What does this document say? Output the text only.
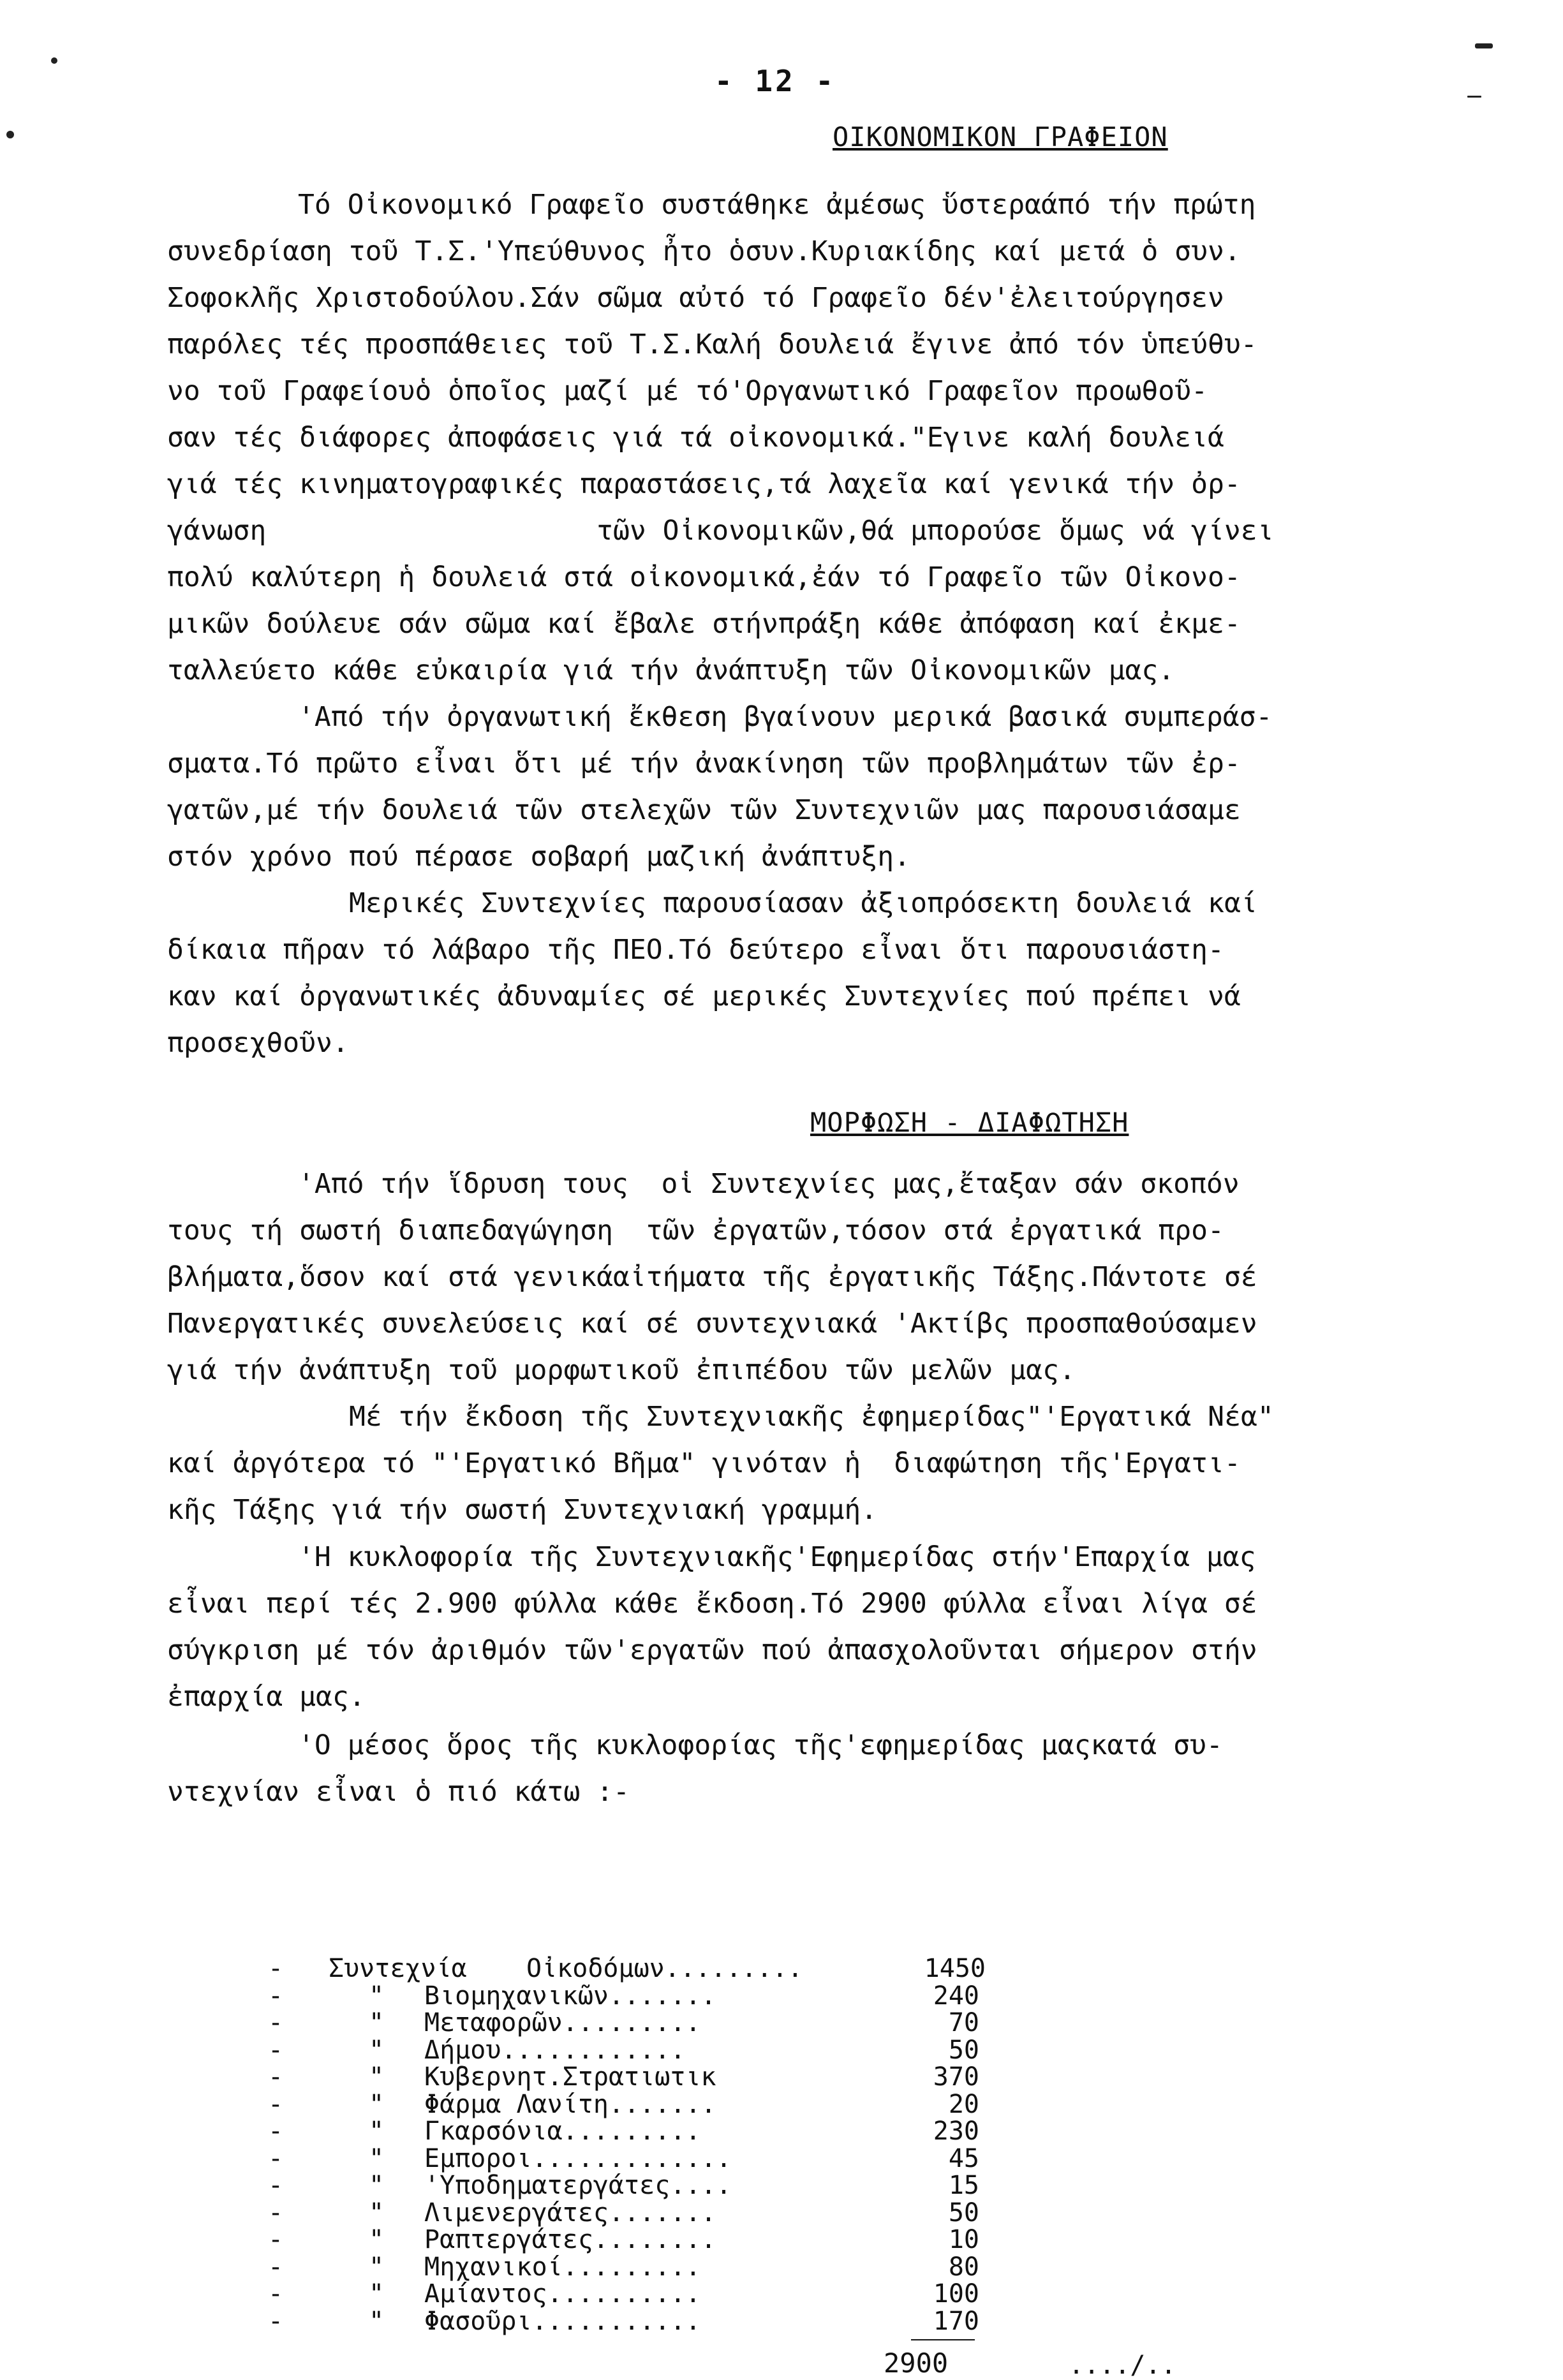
- 12 -
ΟΙΚΟΝΟΜΙΚΟΝ ΓΡΑΦΕΙΟΝ
Τό Οἰκονομικό Γραφεῖο συστάθηκε ἀμέσως ὕστεραάπό τήν πρώτη
συνεδρίαση τοῦ Τ.Σ.'Υπεύθυνος ἦτο ὁσυν.Κυριακίδης καί μετά ὁ συν.
Σοφοκλῆς Χριστοδούλου.Σάν σῶμα αὐτό τό Γραφεῖο δέν'ἐλειτούργησεν
παρόλες τές προσπάθειες τοῦ Τ.Σ.Καλή δουλειά ἔγινε ἀπό τόν ὑπεύθυ-
νο τοῦ Γραφείουὁ ὁποῖος μαζί μέ τό'Οργανωτικό Γραφεῖον προωθοῦ-
σαν τές διάφορες ἀποφάσεις γιά τά οἰκονομικά."Εγινε καλή δουλειά
γιά τές κινηματογραφικές παραστάσεις,τά λαχεῖα καί γενικά τήν ὀρ-
γάνωση                    τῶν Οἰκονομικῶν,θά μπορούσε ὅμως νά γίνει
πολύ καλύτερη ἡ δουλειά στά οἰκονομικά,ἐάν τό Γραφεῖο τῶν Οἰκονο-
μικῶν δούλευε σάν σῶμα καί ἔβαλε στήνπράξη κάθε ἀπόφαση καί ἐκμε-
ταλλεύετο κάθε εὐκαιρία γιά τήν ἀνάπτυξη τῶν Οἰκονομικῶν μας.
'Από τήν ὀργανωτική ἔκθεση βγαίνουν μερικά βασικά συμπεράσ-
σματα.Τό πρῶτο εἶναι ὅτι μέ τήν ἀνακίνηση τῶν προβλημάτων τῶν ἐρ-
γατῶν,μέ τήν δουλειά τῶν στελεχῶν τῶν Συντεχνιῶν μας παρουσιάσαμε
στόν χρόνο πού πέρασε σοβαρή μαζική ἀνάπτυξη.
Μερικές Συντεχνίες παρουσίασαν ἀξιοπρόσεκτη δουλειά καί
δίκαια πῆραν τό λάβαρο τῆς ΠΕΟ.Τό δεύτερο εἶναι ὅτι παρουσιάστη-
καν καί ὀργανωτικές ἀδυναμίες σέ μερικές Συντεχνίες πού πρέπει νά
προσεχθοῦν.
ΜΟΡΦΩΣΗ - ΔΙΑΦΩΤΗΣΗ
'Από τήν ἵδρυση τους  οἱ Συντεχνίες μας,ἔταξαν σάν σκοπόν
τους τή σωστή διαπεδαγώγηση  τῶν ἐργατῶν,τόσον στά ἐργατικά προ-
βλήματα,ὅσον καί στά γενικάαἰτήματα τῆς ἐργατικῆς Τάξης.Πάντοτε σέ
Πανεργατικές συνελεύσεις καί σέ συντεχνιακά 'Ακτίβς προσπαθούσαμεν
γιά τήν ἀνάπτυξη τοῦ μορφωτικοῦ ἐπιπέδου τῶν μελῶν μας.
Μέ τήν ἔκδοση τῆς Συντεχνιακῆς ἐφημερίδας"'Εργατικά Νέα"
καί ἀργότερα τό "'Εργατικό Βῆμα" γινόταν ἡ  διαφώτηση τῆς'Εργατι-
κῆς Τάξης γιά τήν σωστή Συντεχνιακή γραμμή.
'Η κυκλοφορία τῆς Συντεχνιακῆς'Εφημερίδας στήν'Επαρχία μας
εἶναι περί τές 2.900 φύλλα κάθε ἔκδοση.Τό 2900 φύλλα εἶναι λίγα σέ
σύγκριση μέ τόν ἀριθμόν τῶν'εργατῶν πού ἀπασχολοῦνται σήμερον στήν
ἐπαρχία μας.
'Ο μέσος ὅρος τῆς κυκλοφορίας τῆς'εφημερίδας μαςκατά συ-
ντεχνίαν εἶναι ὁ πιό κάτω :-
-	Συντεχνία	Οἰκοδόμων.........	1450
-	"	Βιομηχανικῶν.......	240
-	"	Μεταφορῶν.........	70
-	"	Δήμου............	50
-	"	Κυβερνητ.Στρατιωτικ	370
-	"	Φάρμα Λανίτη.......	20
-	"	Γκαρσόνια.........	230
-	"	Εμποροι.............	45
-	"	'Υποδηματεργάτες....	15
-	"	Λιμενεργάτες.......	50
-	"	Ραπτεργάτες........	10
-	"	Μηχανικοί.........	80
-	"	Αμίαντος..........	100
-	"	Φασοῦρι...........	170
2900	..../..
